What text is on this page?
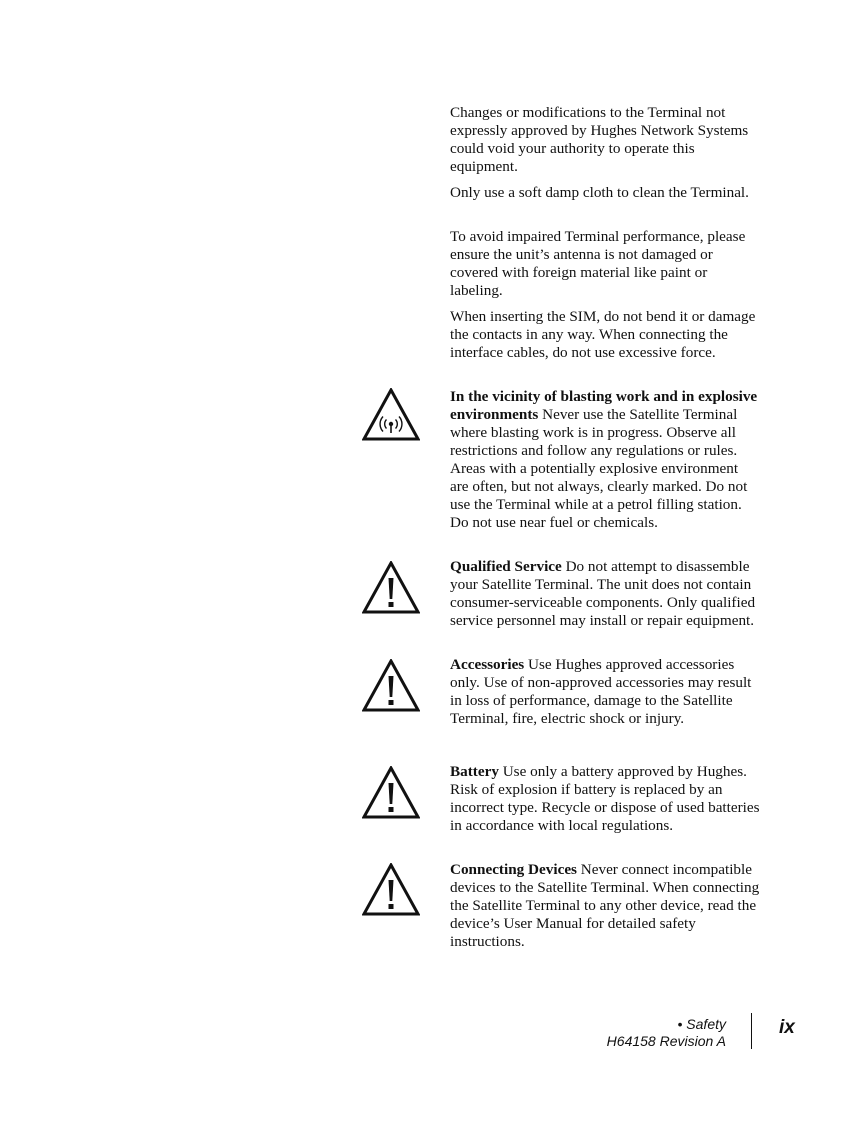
Changes or modifications to the Terminal not expressly approved by Hughes Network Systems could void your authority to operate this equipment.

Only use a soft damp cloth to clean the Terminal.

To avoid impaired Terminal performance, please ensure the unit’s antenna is not damaged or covered with foreign material like paint or labeling.

When inserting the SIM, do not bend it or damage the contacts in any way. When connecting the interface cables, do not use excessive force.

In the vicinity of blasting work and in explosive environments Never use the Satellite Terminal where blasting work is in progress. Observe all restrictions and follow any regulations or rules. Areas with a potentially explosive environment are often, but not always, clearly marked. Do not use the Terminal while at a petrol filling station. Do not use near fuel or chemicals.

Qualified Service Do not attempt to disassemble your Satellite Terminal. The unit does not contain consumer-serviceable components. Only qualified service personnel may install or repair equipment.

Accessories Use Hughes approved accessories only. Use of non-approved accessories may result in loss of performance, damage to the Satellite Terminal, fire, electric shock or injury.

Battery Use only a battery approved by Hughes. Risk of explosion if battery is replaced by an incorrect type. Recycle or dispose of used batteries in accordance with local regulations.

Connecting Devices Never connect incompatible devices to the Satellite Terminal. When connecting the Satellite Terminal to any other device, read the device’s User Manual for detailed safety instructions.

• Safety
H64158 Revision A
ix
